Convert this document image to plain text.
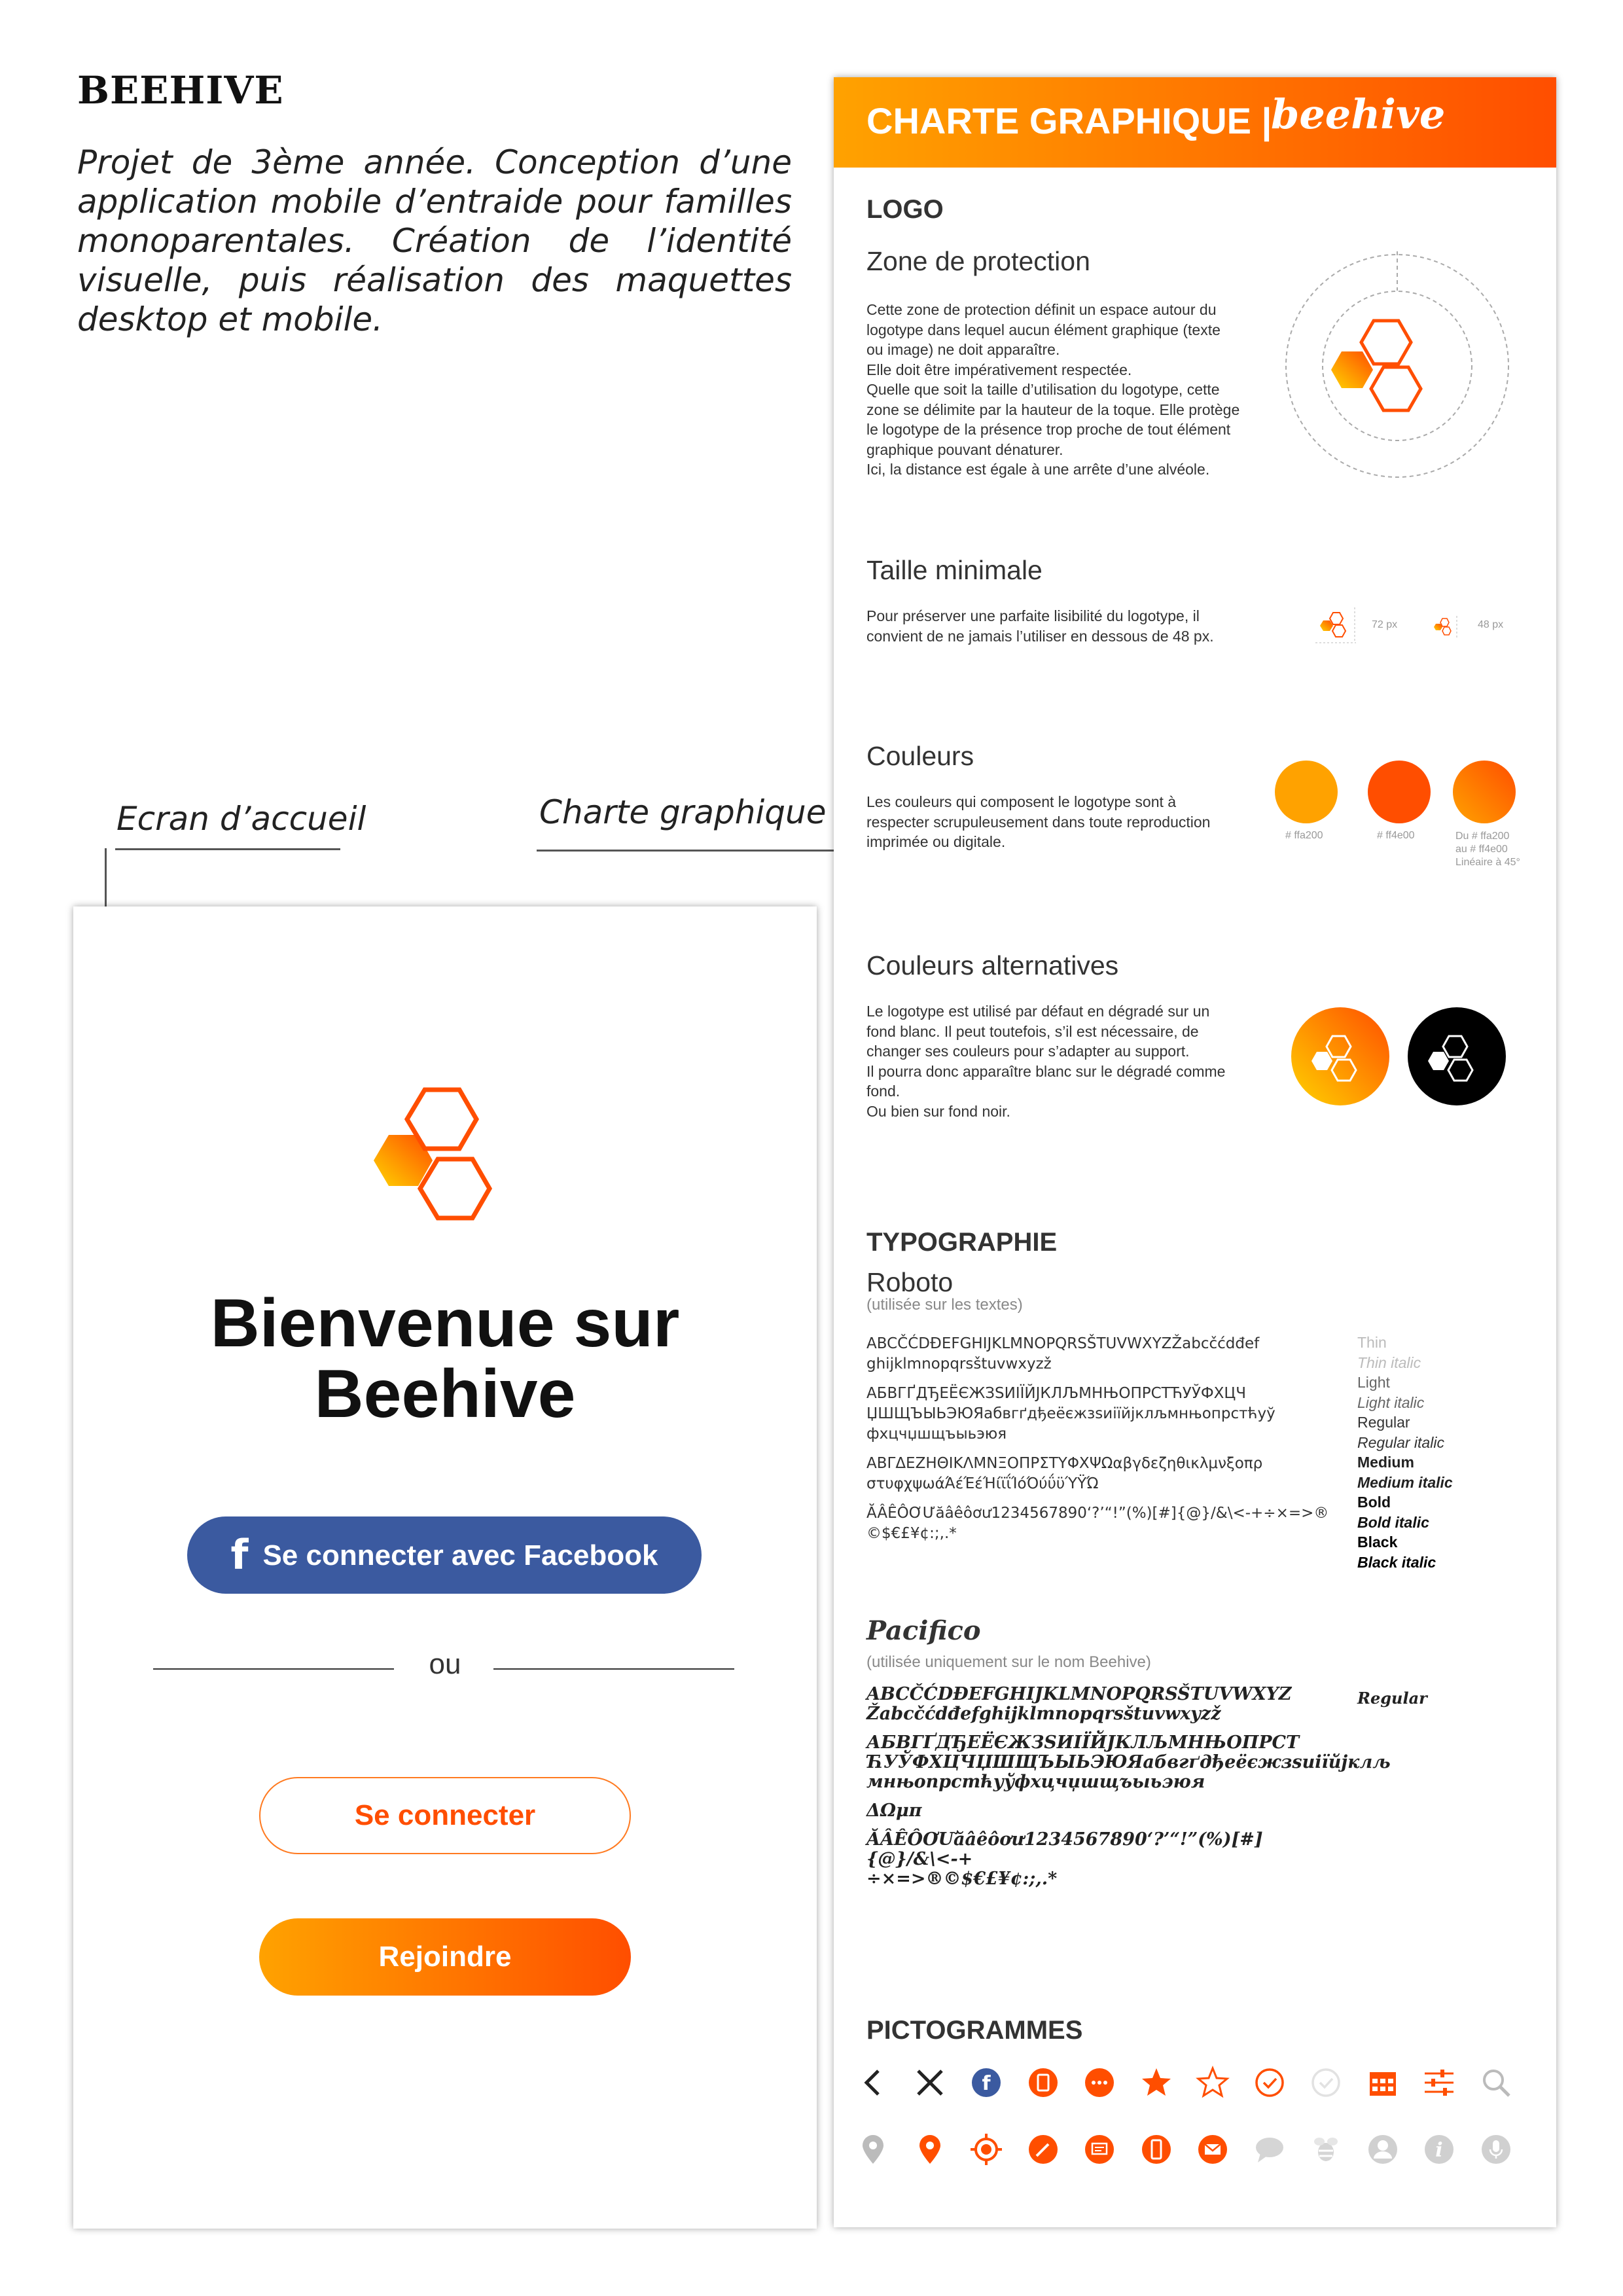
BEEHIVE
Projet de 3ème année. Conception d’une application mobile d’entraide pour familles monoparentales. Création de l’identité visuelle, puis réalisation des maquettes desktop et mobile.
Ecran d’accueil	Charte graphique
Bienvenue sur
Beehive
f Se connecter avec Facebook
ou
Se connecter
Rejoindre
CHARTE GRAPHIQUE |
beehive
LOGO
Zone de protection
Cette zone de protection définit un espace autour du
logotype dans lequel aucun élément graphique (texte
ou image) ne doit apparaître.
Elle doit être impérativement respectée.
Quelle que soit la taille d’utilisation du logotype, cette
zone se délimite par la hauteur de la toque. Elle protège
le logotype de la présence trop proche de tout élément
graphique pouvant dénaturer.
Ici, la distance est égale à une arrête d’une alvéole.
Taille minimale
Pour préserver une parfaite lisibilité du logotype, il
convient de ne jamais l’utiliser en dessous de 48 px.
72 px	48 px
Couleurs
Les couleurs qui composent le logotype sont à
respecter scrupuleusement dans toute reproduction
imprimée ou digitale.	# ffa200	# ff4e00	Du # ffa200
au # ff4e00
Linéaire à 45°
Couleurs alternatives
Le logotype est utilisé par défaut en dégradé sur un
fond blanc. Il peut toutefois, s’il est nécessaire, de
changer ses couleurs pour s’adapter au support.
Il pourra donc apparaître blanc sur le dégradé comme
fond.
Ou bien sur fond noir.
TYPOGRAPHIE
Roboto
(utilisée sur les textes)
ABCČĆDĐEFGHIJKLMNOPQRSŠTUVWXYZŽabcčćdđef
ghijklmnopqrsštuvwxyzž

АБВГҐДЂЕЁЄЖЗЅИІЇЙЈКЛЉМНЊОПРСТЋУЎФХЦЧ
ЏШЩЪЫЬЭЮЯабвгґдђеёєжзѕиіїйјклљмнњопрстћуў
фхцчџшщъыьэюя

ΑΒΓΔΕΖΗΘΙΚΛΜΝΞΟΠΡΣΤΥΦΧΨΩαβγδεζηθικλμνξοπρ
στυφχψωάΆέΈέΉίϊΐΊόΌύΰϋΎΫΏ

ĂÂÊÔƠƯăâêôơư1234567890‘?’“!”(%)[#]{@}/&\<-+÷×=>®
©$€£¥¢:;,.*
Thin
Thin italic
Light
Light italic
Regular
Regular italic
Medium
Medium italic
Bold
Bold italic
Black
Black italic
Pacifico
(utilisée uniquement sur le nom Beehive)
ABCČĆDĐEFGHIJKLMNOPQRSŠTUVWXYZ
Žabcčćdđefghijklmnopqrsštuvwxyzž

АБВГҐДЂЕЁЄЖЗЅИІЇЙЈКЛЉМНЊОПРСТ
ЋУЎФХЦЧЏШЩЪЫЬЭЮЯабвгґдђеёєжзѕиіїйјклљ
мнњопрстћуўфхцчџшщъыьэюя

ΔΩμπ

ĂÂÊÔƠƯăâêôơư1234567890‘?’“!”(%)[#]{@}/&\<-+
÷×=>®©$€£¥¢:;,.*
Regular
PICTOGRAMMES
f
i
